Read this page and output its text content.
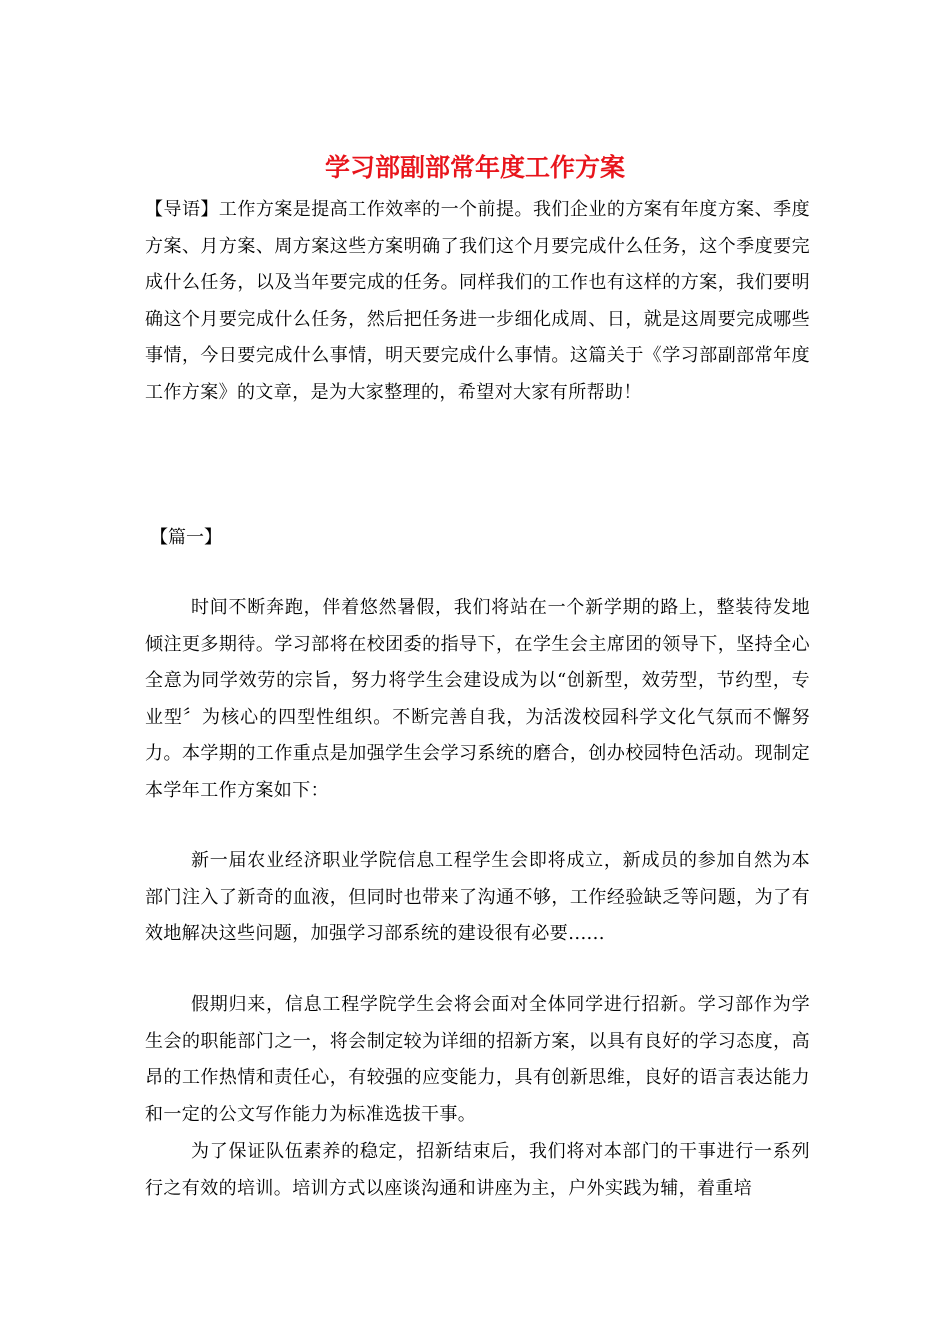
学习部副部常年度工作方案

【导语】工作方案是提高工作效率的一个前提。我们企业的方案有年度方案、季度方案、月方案、周方案这些方案明确了我们这个月要完成什么任务，这个季度要完成什么任务，以及当年要完成的任务。同样我们的工作也有这样的方案，我们要明确这个月要完成什么任务，然后把任务进一步细化成周、日，就是这周要完成哪些事情，今日要完成什么事情，明天要完成什么事情。这篇关于《学习部副部常年度工作方案》的文章，是为大家整理的，希望对大家有所帮助！

【篇一】

时间不断奔跑，伴着悠然暑假，我们将站在一个新学期的路上，整装待发地倾注更多期待。学习部将在校团委的指导下，在学生会主席团的领导下，坚持全心全意为同学效劳的宗旨，努力将学生会建设成为以“创新型，效劳型，节约型，专业型〞为核心的四型性组织。不断完善自我，为活泼校园科学文化气氛而不懈努力。本学期的工作重点是加强学生会学习系统的磨合，创办校园特色活动。现制定本学年工作方案如下：

新一届农业经济职业学院信息工程学生会即将成立，新成员的参加自然为本部门注入了新奇的血液，但同时也带来了沟通不够，工作经验缺乏等问题，为了有效地解决这些问题，加强学习部系统的建设很有必要......

假期归来，信息工程学院学生会将会面对全体同学进行招新。学习部作为学生会的职能部门之一，将会制定较为详细的招新方案，以具有良好的学习态度，高昂的工作热情和责任心，有较强的应变能力，具有创新思维，良好的语言表达能力和一定的公文写作能力为标准选拔干事。

为了保证队伍素养的稳定，招新结束后，我们将对本部门的干事进行一系列行之有效的培训。培训方式以座谈沟通和讲座为主，户外实践为辅，着重培
